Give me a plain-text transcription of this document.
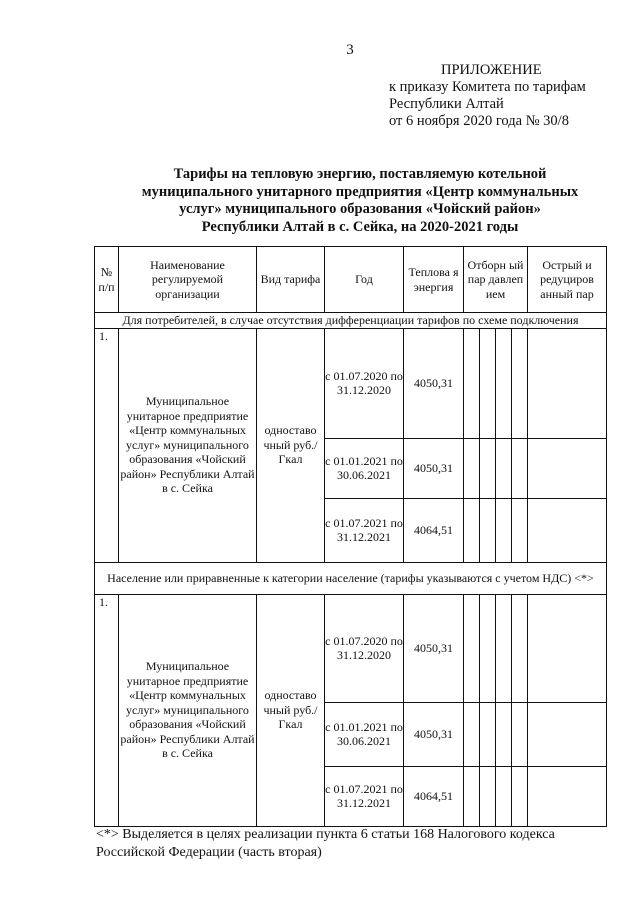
3
ПРИЛОЖЕНИЕ
к приказу Комитета по тарифам
Республики Алтай
от 6 ноября 2020 года № 30/8
Тарифы на тепловую энергию, поставляемую котельной муниципального унитарного предприятия «Центр коммунальных услуг» муниципального образования «Чойский район» Республики Алтай в с. Сейка, на 2020-2021 годы
№ п/п	Наименование регулируемой организации	Вид тарифа	Год	Теплова я энергия	Отборн ый пар давлеп ием				Острый и редуциров анный пар
Для потребителей, в случае отсутствия дифференциации тарифов по схеме подключения									
1.	Муниципальное унитарное предприятие «Центр коммунальных услуг» муниципального образования «Чойский район» Республики Алтай в с. Сейка	одноставо чный руб./Гкал	с 01.07.2020 по 31.12.2020	4050,31					
			с 01.01.2021 по 30.06.2021	4050,31					
			с 01.07.2021 по 31.12.2021	4064,51					
Население или приравненные к категории население (тарифы указываются с учетом НДС) <*>									
1.	Муниципальное унитарное предприятие «Центр коммунальных услуг» муниципального образования «Чойский район» Республики Алтай в с. Сейка	одноставо чный руб./Гкал	с 01.07.2020 по 31.12.2020	4050,31					
			с 01.01.2021 по 30.06.2021	4050,31					
			с 01.07.2021 по 31.12.2021	4064,51					
<*> Выделяется в целях реализации пункта 6 статьи 168 Налогового кодекса Российской Федерации (часть вторая)
